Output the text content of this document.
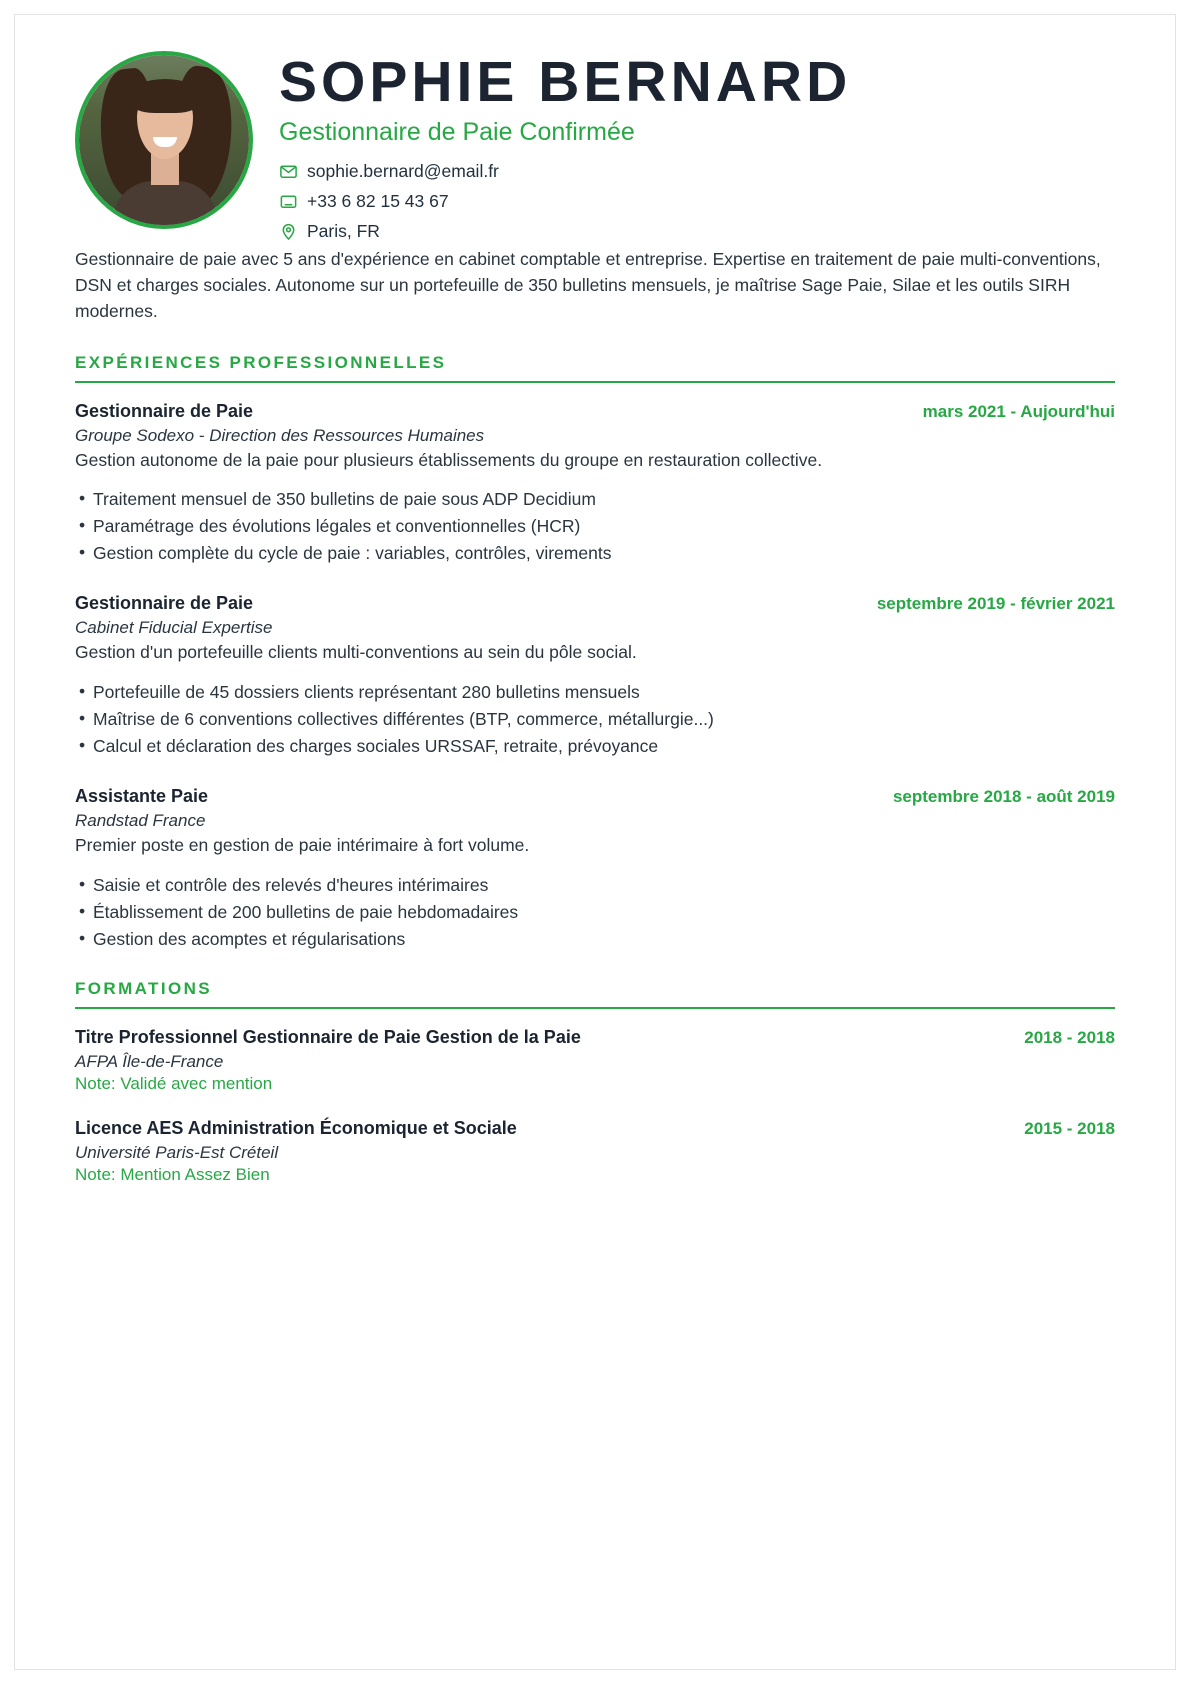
SOPHIE BERNARD
Gestionnaire de Paie Confirmée
sophie.bernard@email.fr
+33 6 82 15 43 67
Paris, FR

Gestionnaire de paie avec 5 ans d'expérience en cabinet comptable et entreprise. Expertise en traitement de paie multi-conventions, DSN et charges sociales. Autonome sur un portefeuille de 350 bulletins mensuels, je maîtrise Sage Paie, Silae et les outils SIRH modernes.

EXPÉRIENCES PROFESSIONNELLES
Gestionnaire de Paie	mars 2021 - Aujourd'hui
Groupe Sodexo - Direction des Ressources Humaines
Gestion autonome de la paie pour plusieurs établissements du groupe en restauration collective.
• Traitement mensuel de 350 bulletins de paie sous ADP Decidium
• Paramétrage des évolutions légales et conventionnelles (HCR)
• Gestion complète du cycle de paie : variables, contrôles, virements
Gestionnaire de Paie	septembre 2019 - février 2021
Cabinet Fiducial Expertise
Gestion d'un portefeuille clients multi-conventions au sein du pôle social.
• Portefeuille de 45 dossiers clients représentant 280 bulletins mensuels
• Maîtrise de 6 conventions collectives différentes (BTP, commerce, métallurgie...)
• Calcul et déclaration des charges sociales URSSAF, retraite, prévoyance
Assistante Paie	septembre 2018 - août 2019
Randstad France
Premier poste en gestion de paie intérimaire à fort volume.
• Saisie et contrôle des relevés d'heures intérimaires
• Établissement de 200 bulletins de paie hebdomadaires
• Gestion des acomptes et régularisations
FORMATIONS
Titre Professionnel Gestionnaire de Paie Gestion de la Paie	2018 - 2018
AFPA Île-de-France
Note: Validé avec mention
Licence AES Administration Économique et Sociale	2015 - 2018
Université Paris-Est Créteil
Note: Mention Assez Bien
